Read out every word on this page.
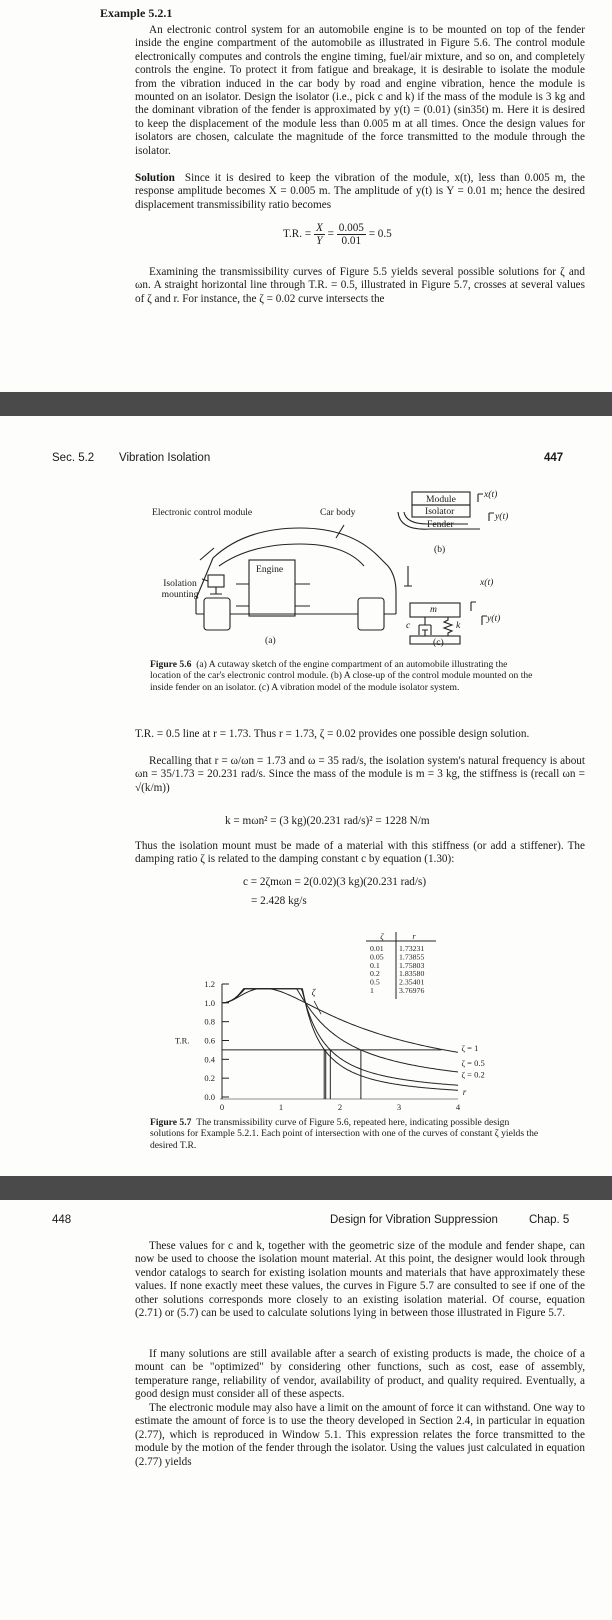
Example 5.2.1

An electronic control system for an automobile engine is to be mounted on top of the fender inside the engine compartment of the automobile as illustrated in Figure 5.6. The control module electronically computes and controls the engine timing, fuel/air mixture, and so on, and completely controls the engine. To protect it from fatigue and breakage, it is desirable to isolate the module from the vibration induced in the car body by road and engine vibration, hence the module is mounted on an isolator. Design the isolator (i.e., pick c and k) if the mass of the module is 3 kg and the dominant vibration of the fender is approximated by y(t) = (0.01) (sin35t) m. Here it is desired to keep the displacement of the module less than 0.005 m at all times. Once the design values for isolators are chosen, calculate the magnitude of the force transmitted to the module through the isolator.

Solution Since it is desired to keep the vibration of the module, x(t), less than 0.005 m, the response amplitude becomes X = 0.005 m. The amplitude of y(t) is Y = 0.01 m; hence the desired displacement transmissibility ratio becomes

T.R. = $\frac{X}{Y} = \frac{0.005}{0.01} = 0.5$

Examining the transmissibility curves of Figure 5.5 yields several possible solutions for ζ and ωn. A straight horizontal line through T.R. = 0.5, illustrated in Figure 5.7, crosses at several values of ζ and r. For instance, the ζ = 0.02 curve intersects the

Sec. 5.2 Vibration Isolation	447
Electronic control module	Car body
Engine
Isolation mounting
Module
Isolator
Fender
x(t)
y(t)
(b)
m
x(t)
y(t)
c	k
(a)	(c)

Figure 5.6 (a) A cutaway sketch of the engine compartment of an automobile illustrating the location of the car's electronic control module. (b) A close-up of the control module mounted on the inside fender on an isolator. (c) A vibration model of the module isolator system.

T.R. = 0.5 line at r = 1.73. Thus r = 1.73, ζ = 0.02 provides one possible design solution.

Recalling that r = ω/ωn = 1.73 and ω = 35 rad/s, the isolation system's natural frequency is about ωn = 35/1.73 = 20.231 rad/s. Since the mass of the module is m = 3 kg, the stiffness is (recall ωn = √(k/m))

k = mωn² = (3 kg)(20.231 rad/s)² = 1228 N/m

Thus the isolation mount must be made of a material with this stiffness (or add a stiffener). The damping ratio ζ is related to the damping constant c by equation (1.30):

c = 2ζmωn = 2(0.02)(3 kg)(20.231 rad/s)
= 2.428 kg/s
0.0
0.2
0.4
0.6
0.8
1.0
1.2
0	1	2	3	4
T.R.
r
ζ = 1
ζ = 0.5
ζ = 0.2
ζ
ζ	r
0.01 1.73231
0.05 1.73855
0.1 1.75803
0.2 1.83580
0.5 2.35401
1	3.76976

Figure 5.7 The transmissibility curve of Figure 5.6, repeated here, indicating possible design solutions for Example 5.2.1. Each point of intersection with one of the curves of constant ζ yields the desired T.R.

448	Design for Vibration Suppression	Chap. 5

These values for c and k, together with the geometric size of the module and fender shape, can now be used to choose the isolation mount material. At this point, the designer would look through vendor catalogs to search for existing isolation mounts and materials that have approximately these values. If none exactly meet these values, the curves in Figure 5.7 are consulted to see if one of the other solutions corresponds more closely to an existing isolation material. Of course, equation (2.71) or (5.7) can be used to calculate solutions lying in between those illustrated in Figure 5.7.

If many solutions are still available after a search of existing products is made, the choice of a mount can be "optimized" by considering other functions, such as cost, ease of assembly, temperature range, reliability of vendor, availability of product, and quality required. Eventually, a good design must consider all of these aspects.

The electronic module may also have a limit on the amount of force it can withstand. One way to estimate the amount of force is to use the theory developed in Section 2.4, in particular in equation (2.77), which is reproduced in Window 5.1. This expression relates the force transmitted to the module by the motion of the fender through the isolator. Using the values just calculated in equation (2.77) yields
